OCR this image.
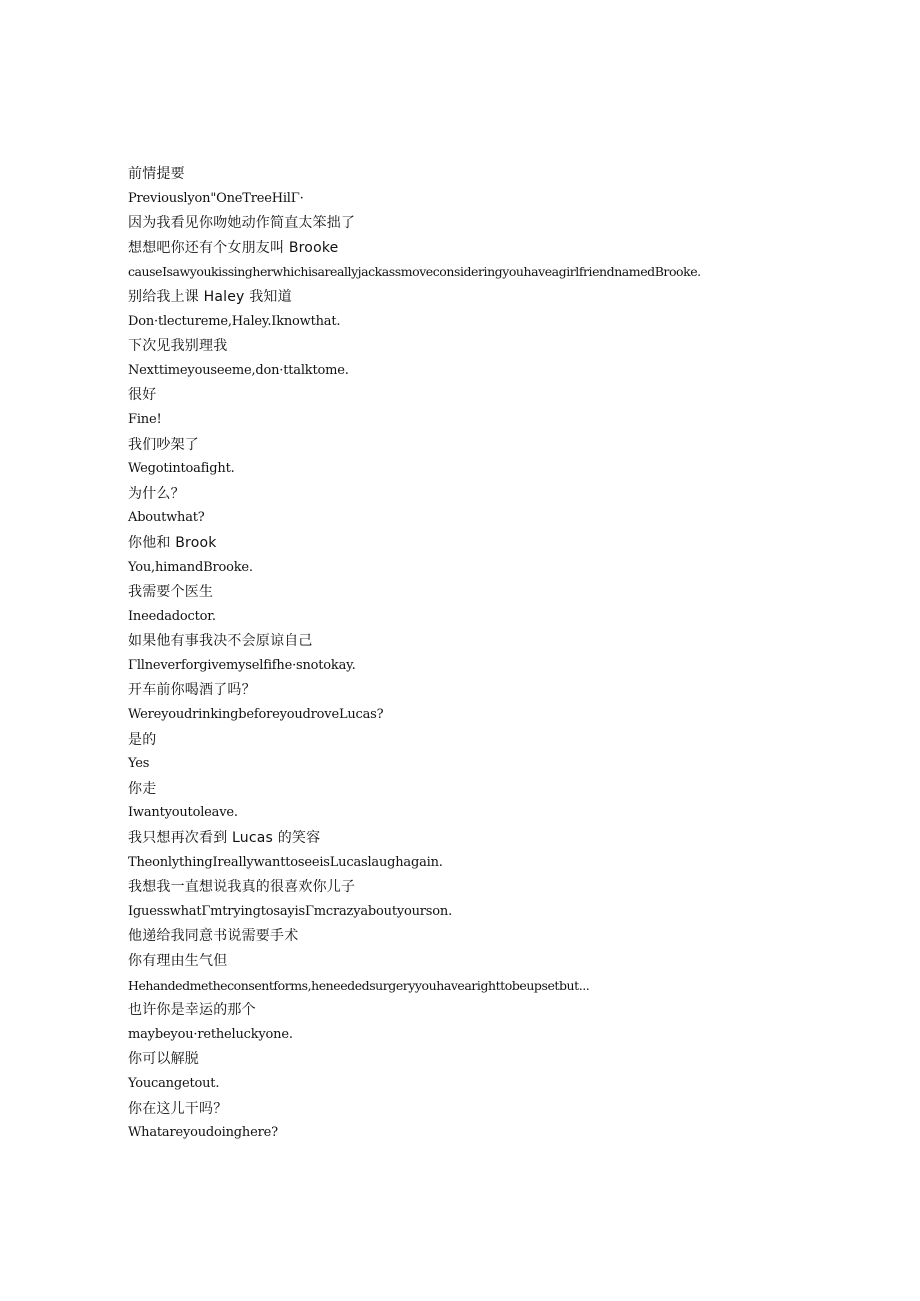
前情提要

Previouslyon"OneTreeHilΓ·

因为我看见你吻她动作简直太笨拙了

想想吧你还有个女朋友叫 Brooke

causeIsawyoukissingherwhichisareallyjackassmoveconsideringyouhaveagirlfriendnamedBrooke.

别给我上课 Haley 我知道

Don·tlectureme,Haley.Iknowthat.

下次见我别理我

Nexttimeyouseeme,don·ttalktome.

很好

Fine!

我们吵架了

Wegotintoafight.

为什么？

Aboutwhat?

你他和 Brook

You,himandBrooke.

我需要个医生

Ineedadoctor.

如果他有事我决不会原谅自己

Γllneverforgivemyselfifhe·snotokay.

开车前你喝酒了吗？

WereyoudrinkingbeforeyoudroveLucas?

是的

Yes

你走

Iwantyoutoleave.

我只想再次看到 Lucas 的笑容

TheonlythingIreallywanttoseeisLucaslaughagain.

我想我一直想说我真的很喜欢你儿子

IguesswhatΓmtryingtosayisΓmcrazyaboutyourson.

他递给我同意书说需要手术

你有理由生气但

Hehandedmetheconsentforms,heneededsurgeryyouhavearighttobeupsetbut...

也许你是幸运的那个

maybeyou·retheluckyone.

你可以解脱

Youcangetout.

你在这儿干吗？

Whatareyoudoinghere?
